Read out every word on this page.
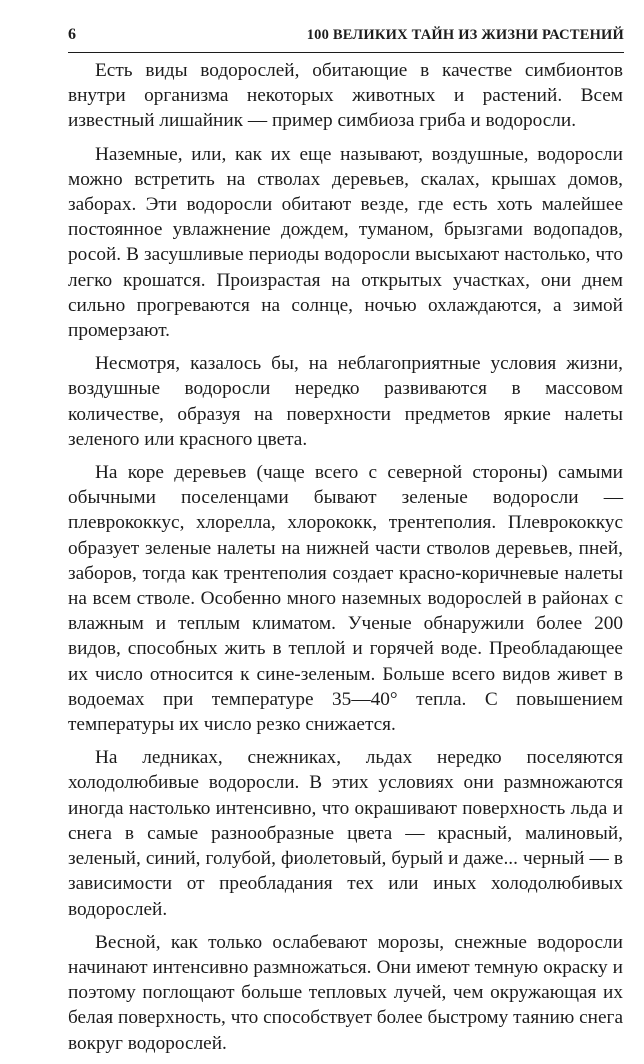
6	100 ВЕЛИКИХ ТАЙН ИЗ ЖИЗНИ РАСТЕНИЙ

Есть виды водорослей, обитающие в качестве симбионтов внутри организма некоторых животных и растений. Всем известный лишайник — пример симбиоза гриба и водоросли.

Наземные, или, как их еще называют, воздушные, водоросли можно встретить на стволах деревьев, скалах, крышах домов, заборах. Эти водоросли обитают везде, где есть хоть малейшее постоянное увлажнение дождем, туманом, брызгами водопадов, росой. В засушливые периоды водоросли высыхают настолько, что легко крошатся. Произрастая на открытых участках, они днем сильно прогреваются на солнце, ночью охлаждаются, а зимой промерзают.

Несмотря, казалось бы, на неблагоприятные условия жизни, воздушные водоросли нередко развиваются в массовом количестве, образуя на поверхности предметов яркие налеты зеленого или красного цвета.

На коре деревьев (чаще всего с северной стороны) самыми обычными поселенцами бывают зеленые водоросли — плеврококкус, хлорелла, хлорококк, трентеполия. Плеврококкус образует зеленые налеты на нижней части стволов деревьев, пней, заборов, тогда как трентеполия создает красно-коричневые налеты на всем стволе. Особенно много наземных водорослей в районах с влажным и теплым климатом. Ученые обнаружили более 200 видов, способных жить в теплой и горячей воде. Преобладающее их число относится к сине-зеленым. Больше всего видов живет в водоемах при температуре 35—40° тепла. С повышением температуры их число резко снижается.

На ледниках, снежниках, льдах нередко поселяются холодолюбивые водоросли. В этих условиях они размножаются иногда настолько интенсивно, что окрашивают поверхность льда и снега в самые разнообразные цвета — красный, малиновый, зеленый, синий, голубой, фиолетовый, бурый и даже... черный — в зависимости от преобладания тех или иных холодолюбивых водорослей.

Весной, как только ослабевают морозы, снежные водоросли начинают интенсивно размножаться. Они имеют темную окраску и поэтому поглощают больше тепловых лучей, чем окружающая их белая поверхность, что способствует более быстрому таянию снега вокруг водорослей.
